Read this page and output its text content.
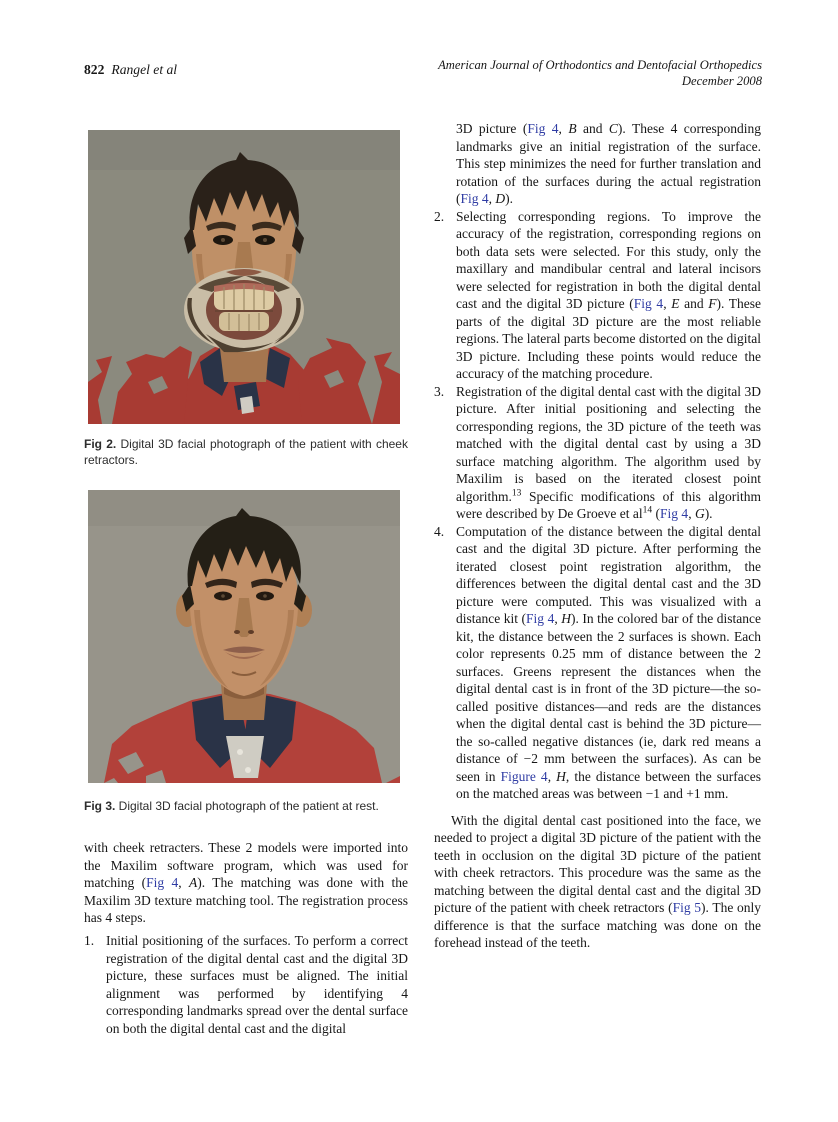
822 Rangel et al	American Journal of Orthodontics and Dentofacial Orthopedics
December 2008
Fig 2. Digital 3D facial photograph of the patient with cheek retractors.
Fig 3. Digital 3D facial photograph of the patient at rest.
with cheek retracters. These 2 models were imported into the Maxilim software program, which was used for matching (Fig 4, A). The matching was done with the Maxilim 3D texture matching tool. The registration process has 4 steps.
1. Initial positioning of the surfaces. To perform a correct registration of the digital dental cast and the digital 3D picture, these surfaces must be aligned. The initial alignment was performed by identifying 4 corresponding landmarks spread over the dental surface on both the digital dental cast and the digital
3D picture (Fig 4, B and C). These 4 corresponding landmarks give an initial registration of the surface. This step minimizes the need for further translation and rotation of the surfaces during the actual registration (Fig 4, D).
2. Selecting corresponding regions. To improve the accuracy of the registration, corresponding regions on both data sets were selected. For this study, only the maxillary and mandibular central and lateral incisors were selected for registration in both the digital dental cast and the digital 3D picture (Fig 4, E and F). These parts of the digital 3D picture are the most reliable regions. The lateral parts become distorted on the digital 3D picture. Including these points would reduce the accuracy of the matching procedure.
3. Registration of the digital dental cast with the digital 3D picture. After initial positioning and selecting the corresponding regions, the 3D picture of the teeth was matched with the digital dental cast by using a 3D surface matching algorithm. The algorithm used by Maxilim is based on the iterated closest point algorithm.$^{13}$ Specific modifications of this algorithm were described by De Groeve et $al^{14}$ (Fig 4, G).
4. Computation of the distance between the digital dental cast and the digital 3D picture. After performing the iterated closest point registration algorithm, the differences between the digital dental cast and the 3D picture were computed. This was visualized with a distance kit (Fig 4, H). In the colored bar of the distance kit, the distance between the 2 surfaces is shown. Each color represents 0.25 mm of distance between the 2 surfaces. Greens represent the distances when the digital dental cast is in front of the 3D picture—the so-called positive distances—and reds are the distances when the digital dental cast is behind the 3D picture—the so-called negative distances (ie, dark red means a distance of −2 mm between the surfaces). As can be seen in Figure 4, H, the distance between the surfaces on the matched areas was between −1 and +1 mm.
With the digital dental cast positioned into the face, we needed to project a digital 3D picture of the patient with the teeth in occlusion on the digital 3D picture of the patient with cheek retractors. This procedure was the same as the matching between the digital dental cast and the digital 3D picture of the patient with cheek retractors (Fig 5). The only difference is that the surface matching was done on the forehead instead of the teeth.
